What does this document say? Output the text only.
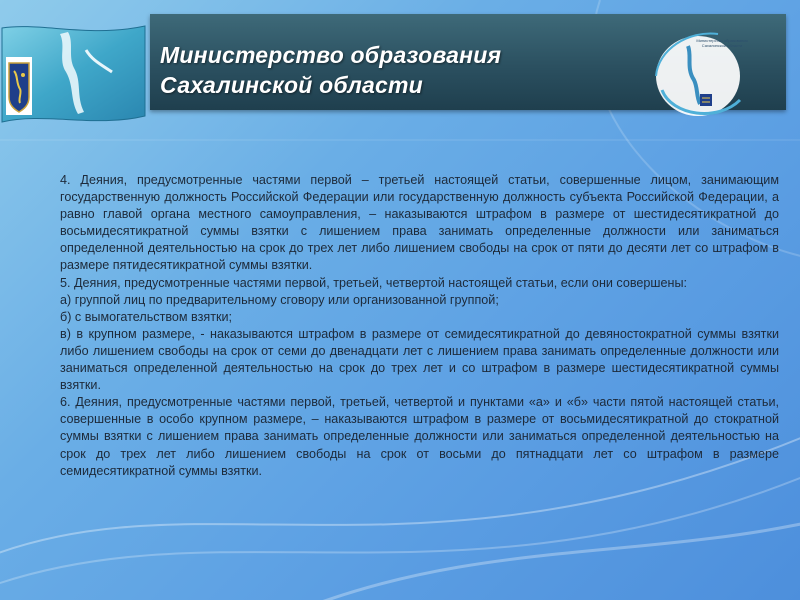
Министерство образования
Сахалинской области
Министерство образования Сахалинской области

4. Деяния, предусмотренные частями первой – третьей настоящей статьи, совершенные лицом, занимающим государственную должность Российской Федерации или государственную должность субъекта Российской Федерации, а равно главой органа местного самоуправления, – наказываются штрафом в размере от шестидесятикратной до восьмидесятикратной суммы взятки с лишением права занимать определенные должности или заниматься определенной деятельностью на срок до трех лет либо лишением свободы на срок от пяти до десяти лет со штрафом в размере пятидесятикратной суммы взятки.

5. Деяния, предусмотренные частями первой, третьей, четвертой настоящей статьи, если они совершены:

а) группой лиц по предварительному сговору или организованной группой;

б) с вымогательством взятки;

в) в крупном размере, - наказываются штрафом в размере от семидесятикратной до девяностократной суммы взятки либо лишением свободы на срок от семи до двенадцати лет с лишением права занимать определенные должности или заниматься определенной деятельностью на срок до трех лет и со штрафом в размере шестидесятикратной суммы взятки.

6. Деяния, предусмотренные частями первой, третьей, четвертой и пунктами «а» и «б» части пятой настоящей статьи, совершенные в особо крупном размере, – наказываются штрафом в размере от восьмидесятикратной до стократной суммы взятки с лишением права занимать определенные должности или заниматься определенной деятельностью на срок до трех лет либо лишением свободы на срок от восьми до пятнадцати лет со штрафом в размере семидесятикратной суммы взятки.
